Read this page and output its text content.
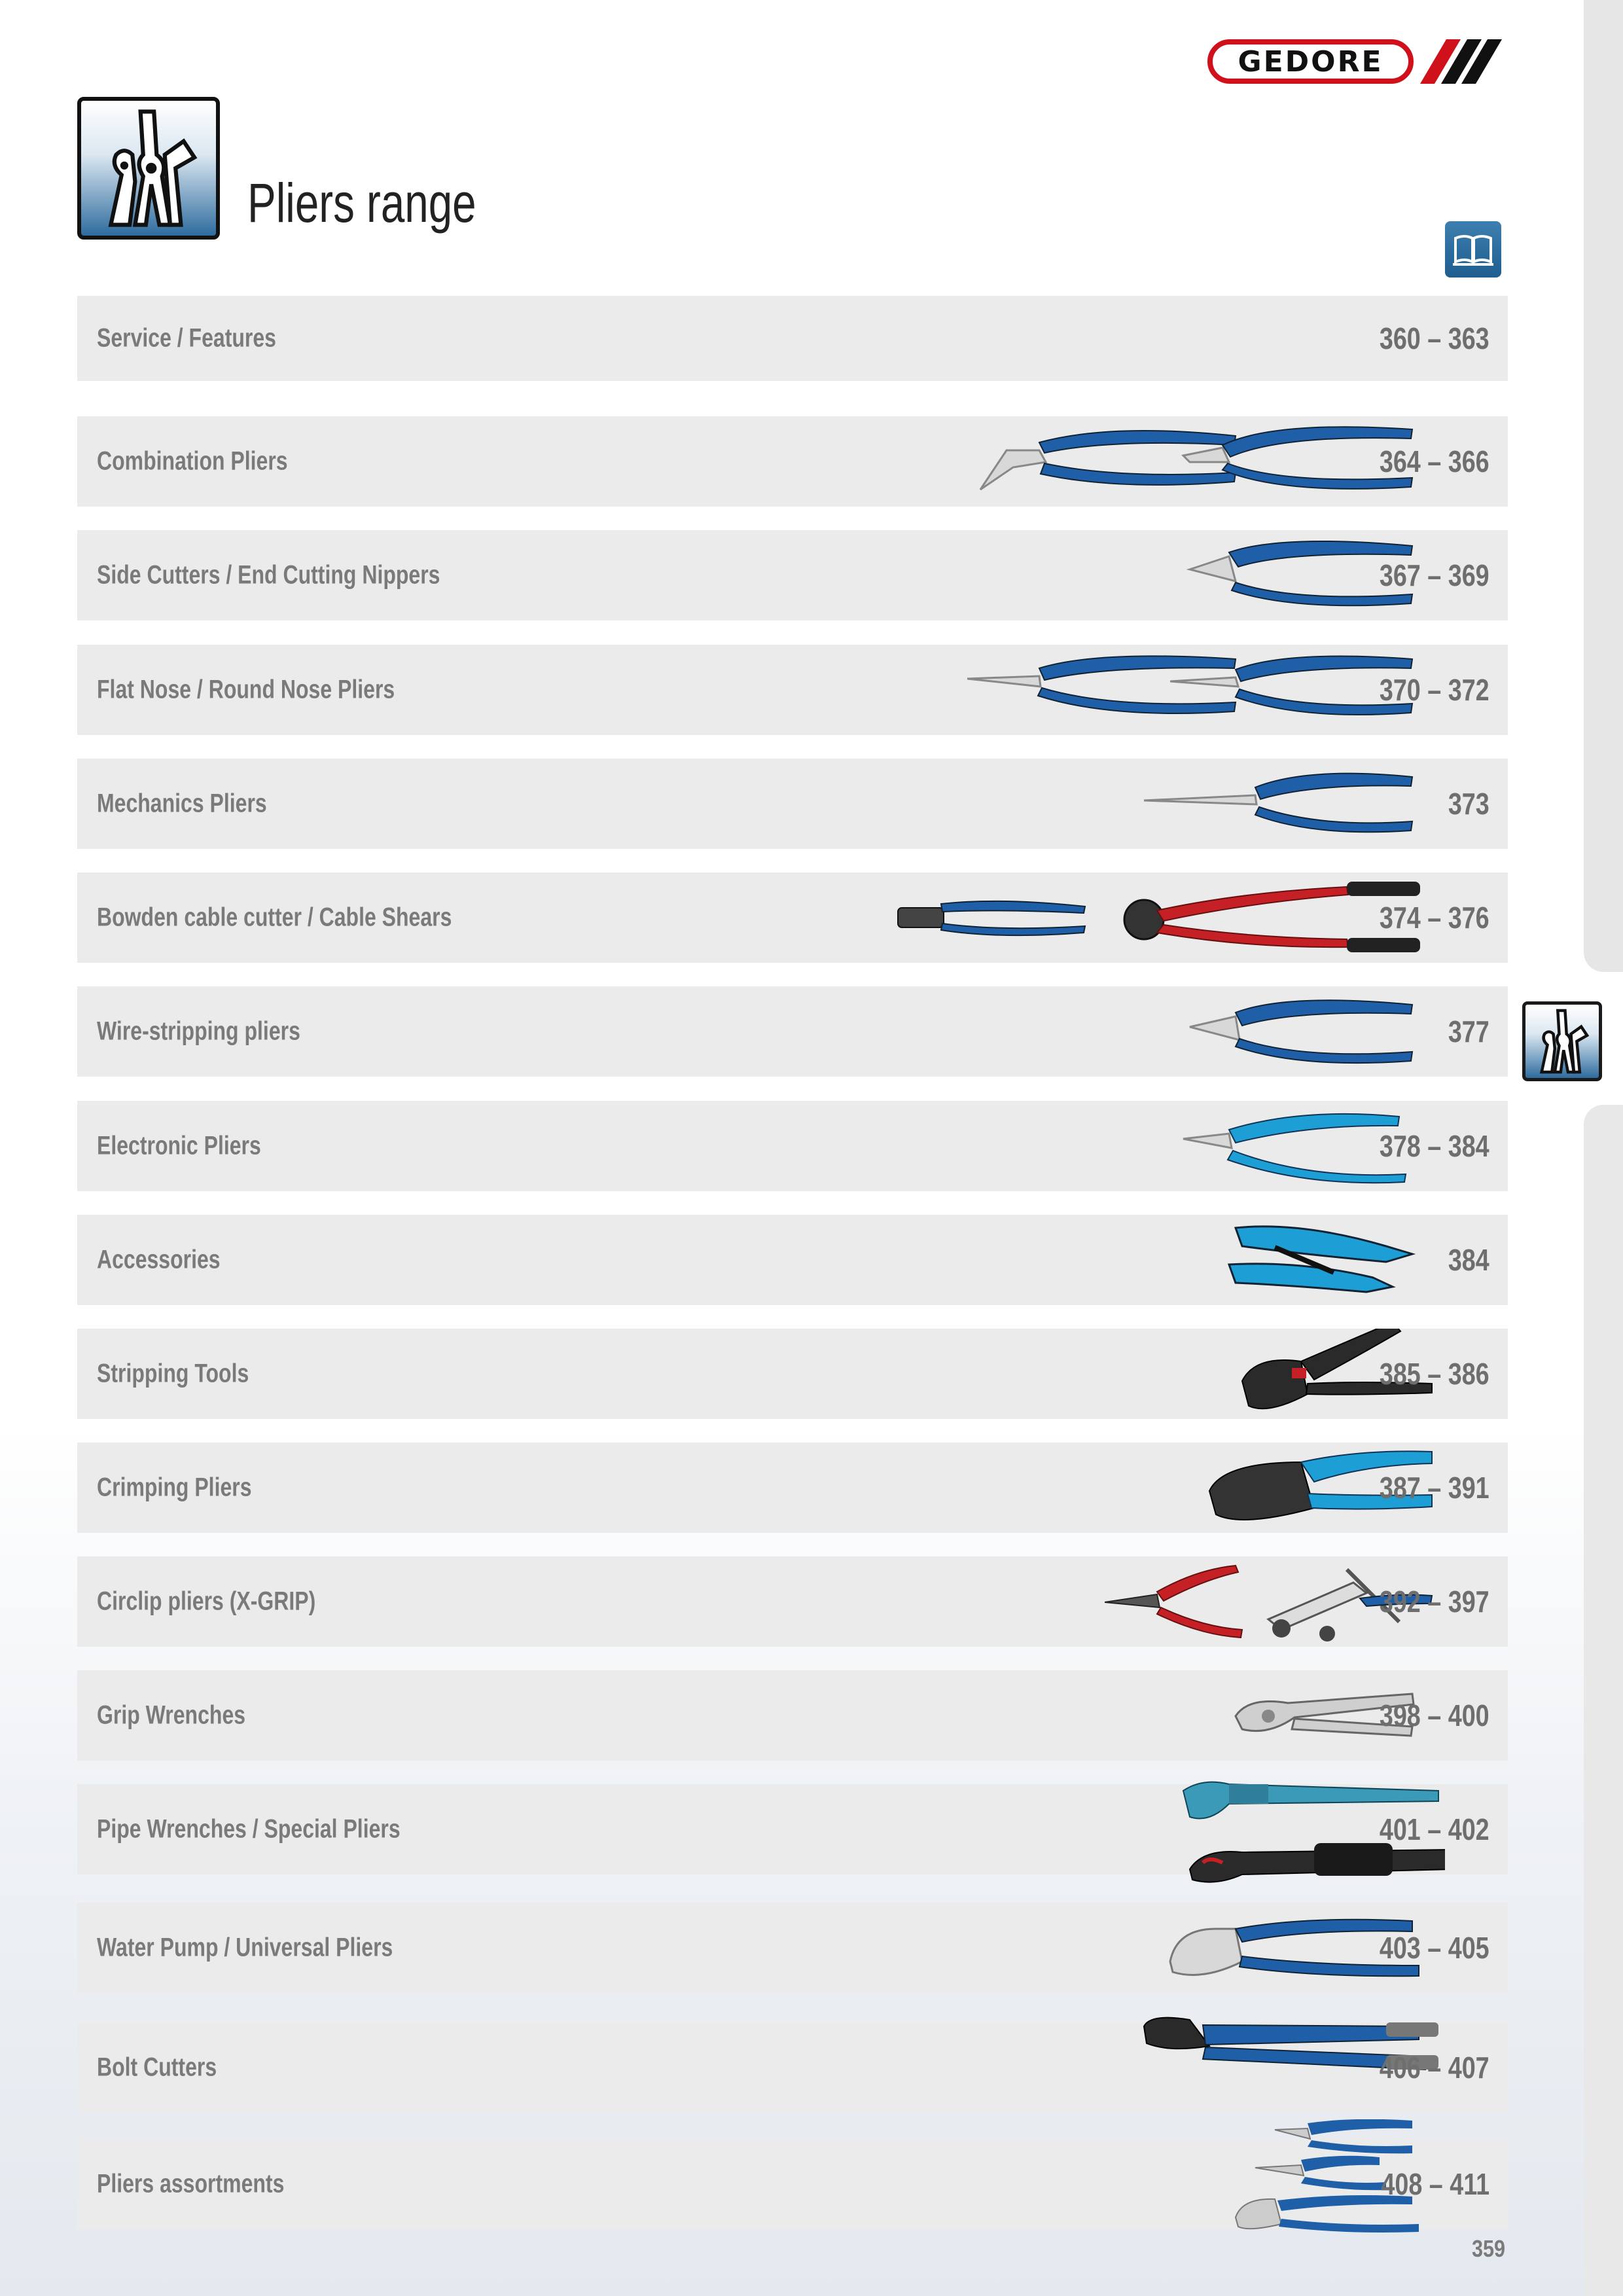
GEDORE
Pliers range
Service / Features	360 – 363
Combination Pliers	364 – 366
Side Cutters / End Cutting Nippers	367 – 369
Flat Nose / Round Nose Pliers	370 – 372
Mechanics Pliers	373
Bowden cable cutter / Cable Shears	374 – 376
Wire-stripping pliers	377
Electronic Pliers	378 – 384
Accessories	384
Stripping Tools	385 – 386
Crimping Pliers	387 – 391
Circlip pliers (X-GRIP)	392 – 397
Grip Wrenches	398 – 400
Pipe Wrenches / Special Pliers	401 – 402
Water Pump / Universal Pliers	403 – 405
Bolt Cutters	406 – 407
Pliers assortments	408 – 411
359
